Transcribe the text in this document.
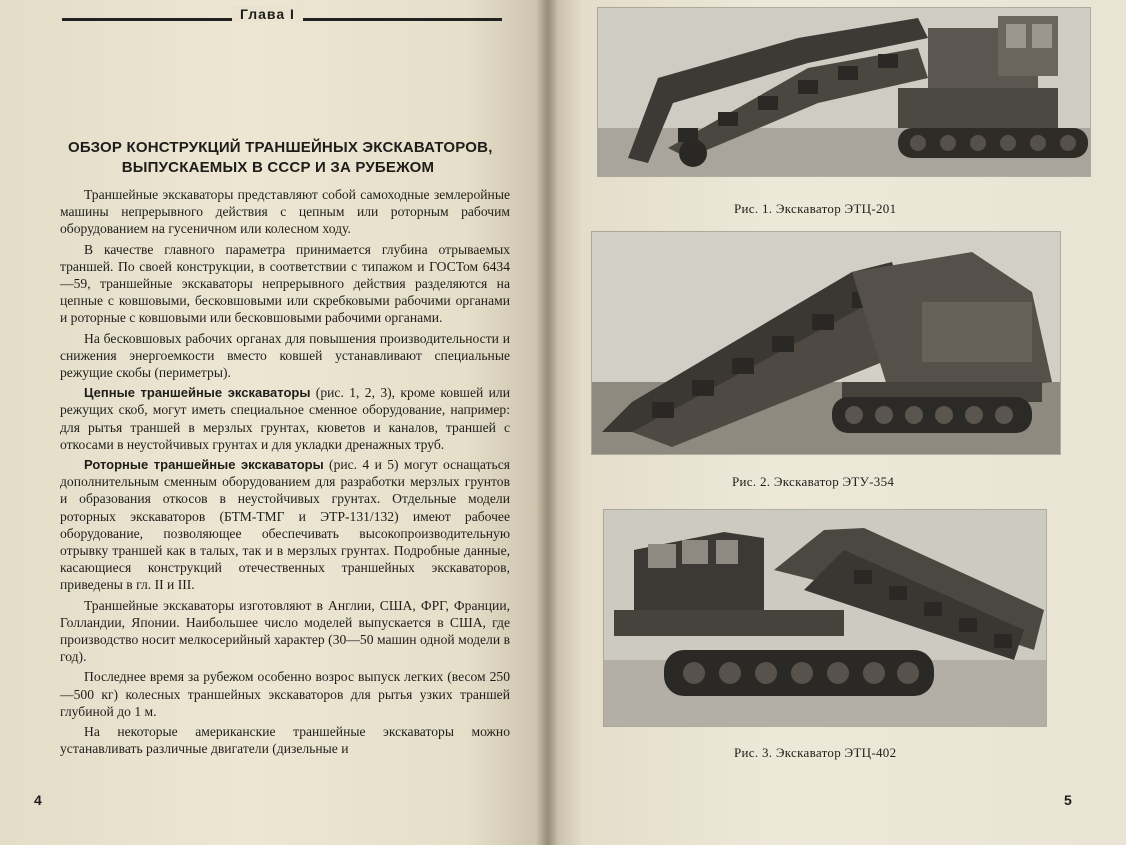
Глава I
ОБЗОР КОНСТРУКЦИЙ ТРАНШЕЙНЫХ ЭКСКАВАТОРОВ,
ВЫПУСКАЕМЫХ В СССР И ЗА РУБЕЖОМ

Траншейные экскаваторы представляют собой самоходные землеройные машины непрерывного действия с цепным или роторным рабочим оборудованием на гусеничном или колесном ходу.

В качестве главного параметра принимается глубина отрываемых траншей. По своей конструкции, в соответствии с типажом и ГОСТом 6434—59, траншейные экскаваторы непрерывного действия разделяются на цепные с ковшовыми, бесковшовыми или скребковыми рабочими органами и роторные с ковшовыми или бесковшовыми рабочими органами.

На бесковшовых рабочих органах для повышения производительности и снижения энергоемкости вместо ковшей устанавливают специальные режущие скобы (периметры).

Цепные траншейные экскаваторы (рис. 1, 2, 3), кроме ковшей или режущих скоб, могут иметь специальное сменное оборудование, например: для рытья траншей в мерзлых грунтах, кюветов и каналов, траншей с откосами в неустойчивых грунтах и для укладки дренажных труб.

Роторные траншейные экскаваторы (рис. 4 и 5) могут оснащаться дополнительным сменным оборудованием для разработки мерзлых грунтов и образования откосов в неустойчивых грунтах. Отдельные модели роторных экскаваторов (БТМ-ТМГ и ЭТР-131/132) имеют рабочее оборудование, позволяющее обеспечивать высокопроизводительную отрывку траншей как в талых, так и в мерзлых грунтах. Подробные данные, касающиеся конструкций отечественных траншейных экскаваторов, приведены в гл. II и III.

Траншейные экскаваторы изготовляют в Англии, США, ФРГ, Франции, Голландии, Японии. Наибольшее число моделей выпускается в США, где производство носит мелкосерийный характер (30—50 машин одной модели в год).

Последнее время за рубежом особенно возрос выпуск легких (весом 250—500 кг) колесных траншейных экскаваторов для рытья узких траншей глубиной до 1 м.

На некоторые американские траншейные экскаваторы можно устанавливать различные двигатели (дизельные и

4
Рис. 1. Экскаватор ЭТЦ-201
Рис. 2. Экскаватор ЭТУ-354
Рис. 3. Экскаватор ЭТЦ-402
5
